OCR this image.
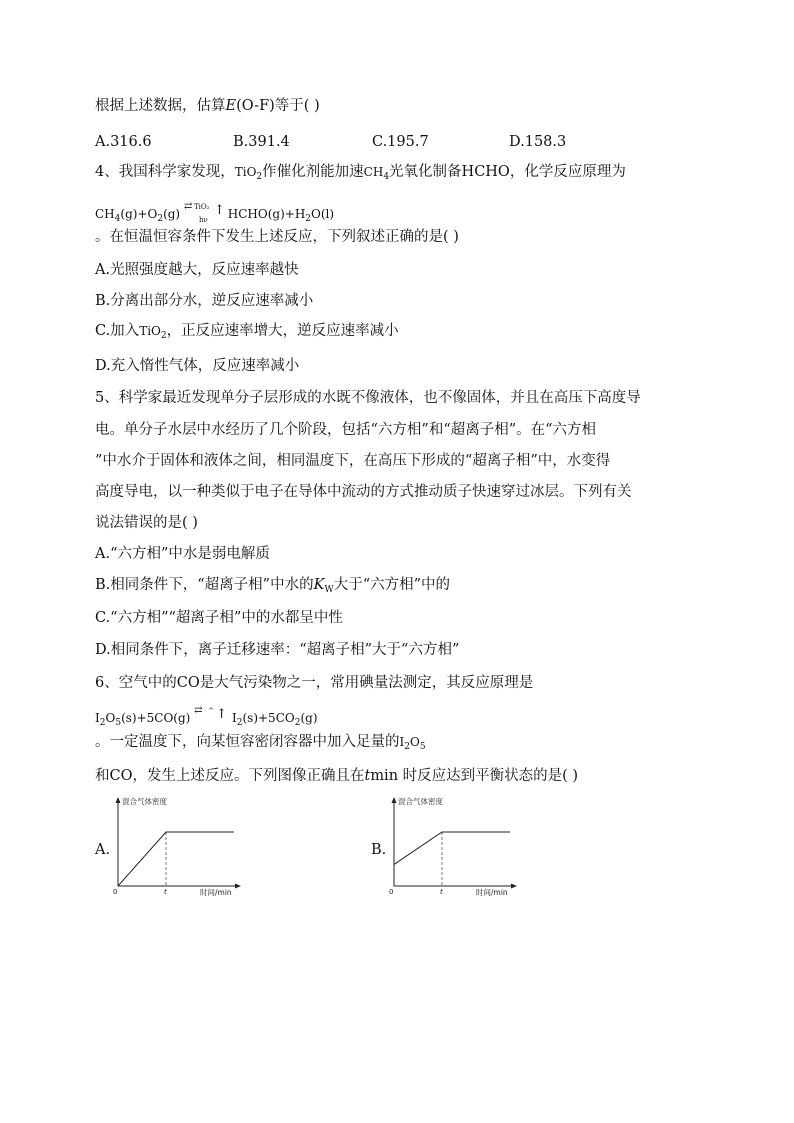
根据上述数据，估算E(O-F)等于( )
A.316.6	B.391.4	C.195.7	D.158.3
4、我国科学家发现，TiO$_2$作催化剂能加速$CH_4$光氧化制备HCHO，化学反应原理为
$CH_4(g)+O_2(g)$
⇄ TiO₂
hν
↑ $HCHO(g)+H_2O(l)$
。在恒温恒容条件下发生上述反应，下列叙述正确的是( )
A.光照强度越大，反应速率越快
B.分离出部分水，逆反应速率减小
C.加入TiO$_2$，正反应速率增大，逆反应速率减小
D.充入惰性气体，反应速率减小
5、科学家最近发现单分子层形成的水既不像液体，也不像固体，并且在高压下高度导
电。单分子水层中水经历了几个阶段，包括“六方相”和“超离子相”。在“六方相
”中水介于固体和液体之间，相同温度下，在高压下形成的“超离子相”中，水变得
高度导电，以一种类似于电子在导体中流动的方式推动质子快速穿过冰层。下列有关
说法错误的是( )
A.“六方相”中水是弱电解质
B.相同条件下，“超离子相”中水的$K_W$大于“六方相”中的
C.“六方相”“超离子相”中的水都呈中性
D.相同条件下，离子迁移速率：“超离子相”大于“六方相”
6、空气中的CO是大气污染物之一，常用碘量法测定，其反应原理是
$I_2O_5(s)+5CO(g)$
⇄ ^ ↑ $I_2(s)+5CO_2(g)$
。一定温度下，向某恒容密闭容器中加入足量的$I_2O_5$
和CO，发生上述反应。下列图像正确且在tmin 时反应达到平衡状态的是( )
A.
混合气体密度
0	t	时间/min
B.
混合气体密度
0	t	时间/min
